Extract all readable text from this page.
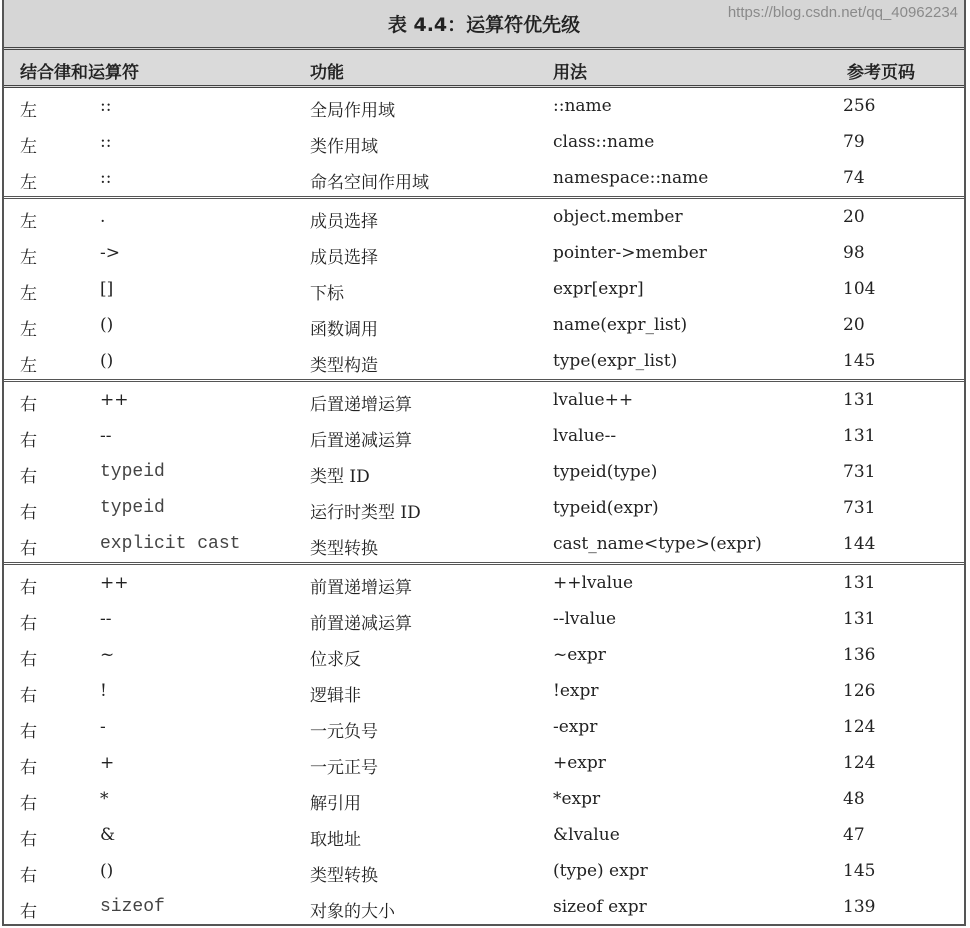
表 4.4：运算符优先级
结合律和运算符	功能	用法	参考页码
左	::	全局作用域	::name	256
左	::	类作用域	class::name	79
左	::	命名空间作用域	namespace::name	74
左	.	成员选择	object.member	20
左	->	成员选择	pointer->member	98
左	[]	下标	expr[expr]	104
左	()	函数调用	name(expr_list)	20
左	()	类型构造	type(expr_list)	145
右	++	后置递增运算	lvalue++	131
右	--	后置递减运算	lvalue--	131
右	typeid	类型 ID	typeid(type)	731
右	typeid	运行时类型 ID	typeid(expr)	731
右	explicit cast	类型转换	cast_name<type>(expr)	144
右	++	前置递增运算	++lvalue	131
右	--	前置递减运算	--lvalue	131
右	~	位求反	~expr	136
右	!	逻辑非	!expr	126
右	-	一元负号	-expr	124
右	+	一元正号	+expr	124
右	*	解引用	*expr	48
右	&	取地址	&lvalue	47
右	()	类型转换	(type) expr	145
右	sizeof	对象的大小	sizeof expr	139
https://blog.csdn.net/qq_40962234
